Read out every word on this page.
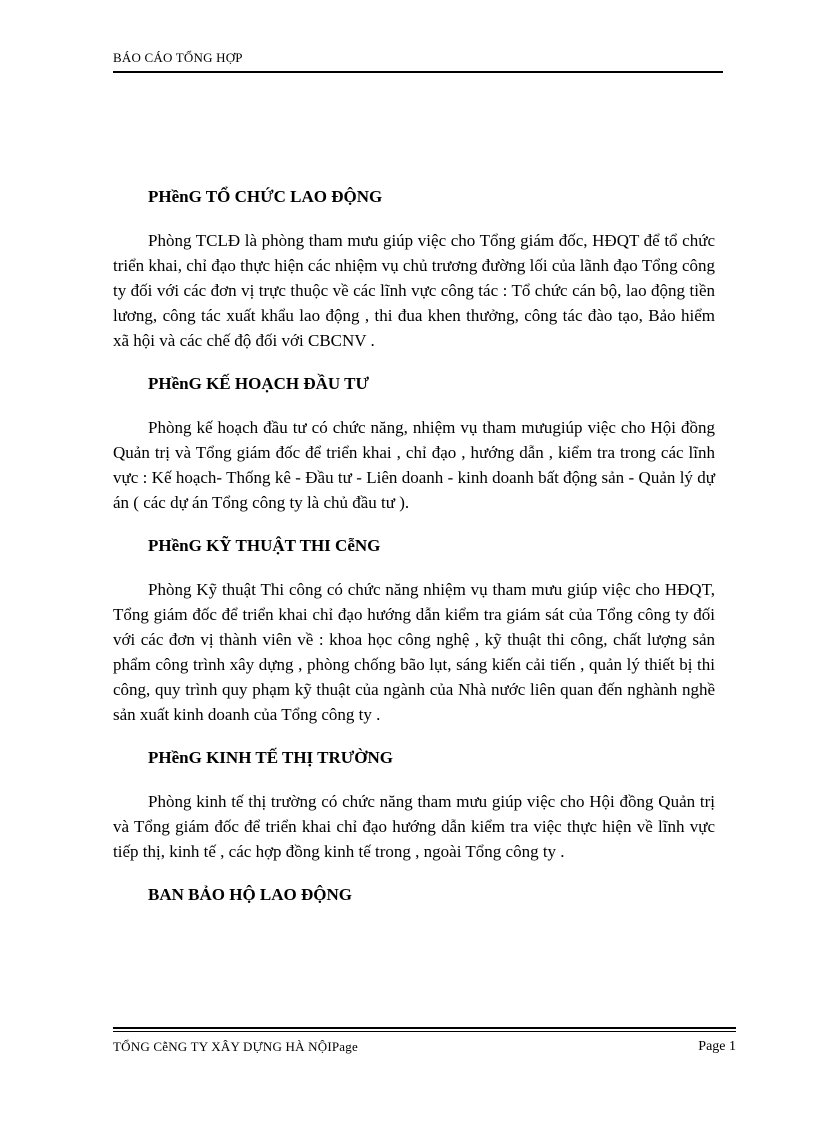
BÁO CÁO TỔNG HỢP
PHềnG TỔ CHỨC LAO ĐỘNG

Phòng TCLĐ là phòng tham mưu giúp việc cho Tổng giám đốc, HĐQT để tổ chức triển khai, chỉ đạo thực hiện các nhiệm vụ chủ trương đường lối của lãnh đạo Tổng công ty đối với các đơn vị trực thuộc về các lĩnh vực công tác : Tổ chức cán bộ, lao động tiền lương, công tác xuất khẩu lao động , thi đua khen thưởng, công tác đào tạo, Bảo hiểm xã hội và các chế độ đối với CBCNV .

PHềnG KẾ HOẠCH ĐẦU TƯ

Phòng kế hoạch đầu tư có chức năng, nhiệm vụ tham mưugiúp việc cho Hội đồng Quản trị và Tổng giám đốc để triển khai , chỉ đạo , hướng dẫn , kiểm tra trong các lĩnh vực : Kế hoạch- Thống kê - Đầu tư - Liên doanh - kinh doanh bất động sản - Quản lý dự án ( các dự án Tổng công ty là chủ đầu tư ).

PHềnG KỸ THUẬT THI CễNG

Phòng Kỹ thuật Thi công có chức năng nhiệm vụ tham mưu giúp việc cho HĐQT, Tổng giám đốc để triển khai chỉ đạo hướng dẫn kiểm tra giám sát của Tổng công ty đối với các đơn vị thành viên về : khoa học công nghệ , kỹ thuật thi công, chất lượng sản phẩm công trình xây dựng , phòng chống bão lụt, sáng kiến cải tiến , quản lý thiết bị thi công, quy trình quy phạm kỹ thuật của ngành của Nhà nước liên quan đến nghành nghề sản xuất kinh doanh của Tổng công ty .

PHềnG KINH TẾ THỊ TRƯỜNG

Phòng kinh tế thị trường có chức năng tham mưu giúp việc cho Hội đồng Quản trị và Tổng giám đốc để triển khai chỉ đạo hướng dẫn kiểm tra việc thực hiện về lĩnh vực tiếp thị, kinh tế , các hợp đồng kinh tế trong , ngoài Tổng công ty .

BAN BẢO HỘ LAO ĐỘNG
TỔNG CễNG TY XÂY DỰNG HÀ NỘIPage	Page 1
